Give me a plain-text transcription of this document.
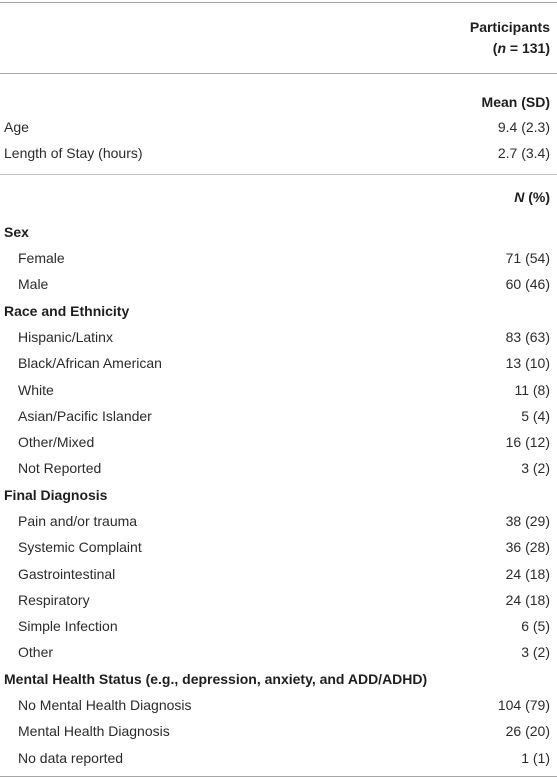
Participants
(n = 131)
Mean (SD)
Age	9.4 (2.3)
Length of Stay (hours)	2.7 (3.4)
N (%)
Sex
Female	71 (54)
Male	60 (46)
Race and Ethnicity
Hispanic/Latinx	83 (63)
Black/African American	13 (10)
White	11 (8)
Asian/Pacific Islander	5 (4)
Other/Mixed	16 (12)
Not Reported	3 (2)
Final Diagnosis
Pain and/or trauma	38 (29)
Systemic Complaint	36 (28)
Gastrointestinal	24 (18)
Respiratory	24 (18)
Simple Infection	6 (5)
Other	3 (2)
Mental Health Status (e.g., depression, anxiety, and ADD/ADHD)
No Mental Health Diagnosis	104 (79)
Mental Health Diagnosis	26 (20)
No data reported	1 (1)
